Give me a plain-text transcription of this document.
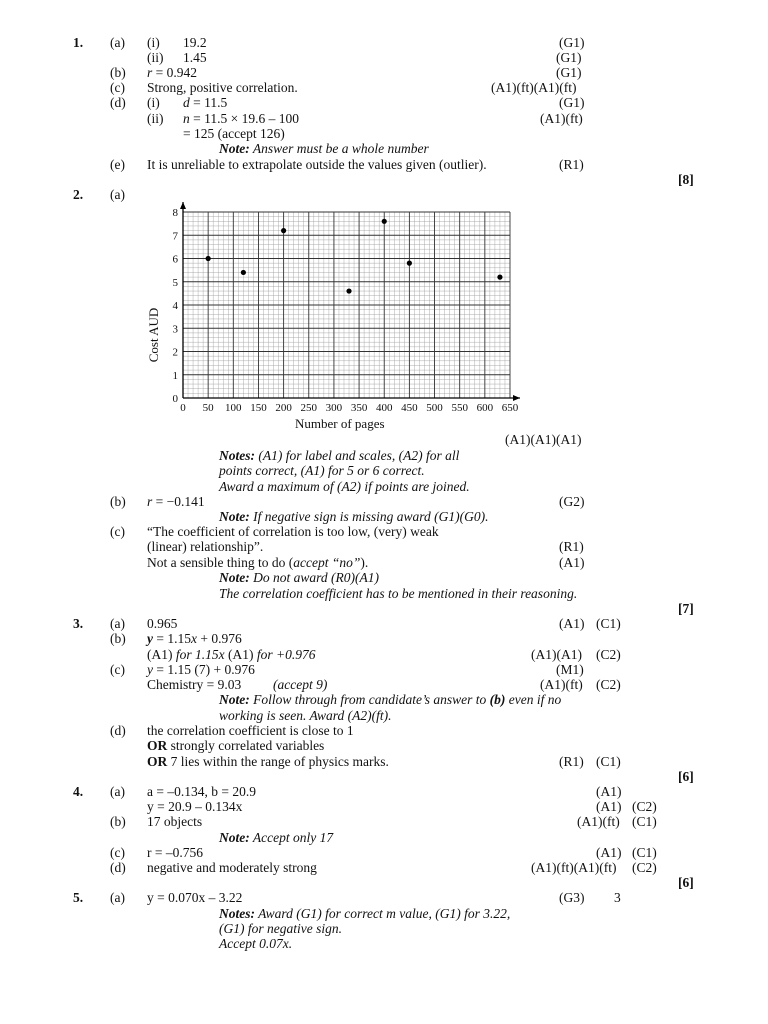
1. (a) (i) 19.2	(G1)
(ii) 1.45	(G1)
(b) r = 0.942	(G1)
(c) Strong, positive correlation.	(A1)(ft)(A1)(ft)
(d) (i) d = 11.5	(G1)
(ii) n = 11.5 × 19.6 – 100	(A1)(ft)
= 125 (accept 126)
Note: Answer must be a whole number
(e) It is unreliable to extrapolate outside the values given (outlier).	(R1)
[8]
2. (a)
0 50 100 150 200 250 300 350 400 450 500 550 600 650
0
1
2
3
4
5
6
7
8
Number of pages
Cost AUD
(A1)(A1)(A1)
Notes: (A1) for label and scales, (A2) for all
points correct, (A1) for 5 or 6 correct.
Award a maximum of (A2) if points are joined.
(b) r = −0.141	(G2)
Note: If negative sign is missing award (G1)(G0).
(c) “The coefficient of correlation is too low, (very) weak
(linear) relationship”.	(R1)
Not a sensible thing to do (accept “no”).	(A1)
Note: Do not award (R0)(A1)
The correlation coefficient has to be mentioned in their reasoning.
[7]
3. (a) 0.965	(A1) (C1)
(b) y = 1.15x + 0.976
(A1) for 1.15x (A1) for +0.976	(A1)(A1) (C2)
(c) y = 1.15 (7) + 0.976	(M1)
Chemistry = 9.03 (accept 9)	(A1)(ft) (C2)
Note: Follow through from candidate’s answer to (b) even if no
working is seen. Award (A2)(ft).
(d) the correlation coefficient is close to 1
OR strongly correlated variables
OR 7 lies within the range of physics marks.	(R1) (C1)
[6]
4. (a) a = –0.134, b = 20.9	(A1)
y = 20.9 – 0.134x	(A1) (C2)
(b) 17 objects	(A1)(ft) (C1)
Note: Accept only 17
(c) r = –0.756	(A1) (C1)
(d) negative and moderately strong	(A1)(ft)(A1)(ft) (C2)
[6]
5. (a) y = 0.070x – 3.22	(G3) 3
Notes: Award (G1) for correct m value, (G1) for 3.22,
(G1) for negative sign.
Accept 0.07x.
